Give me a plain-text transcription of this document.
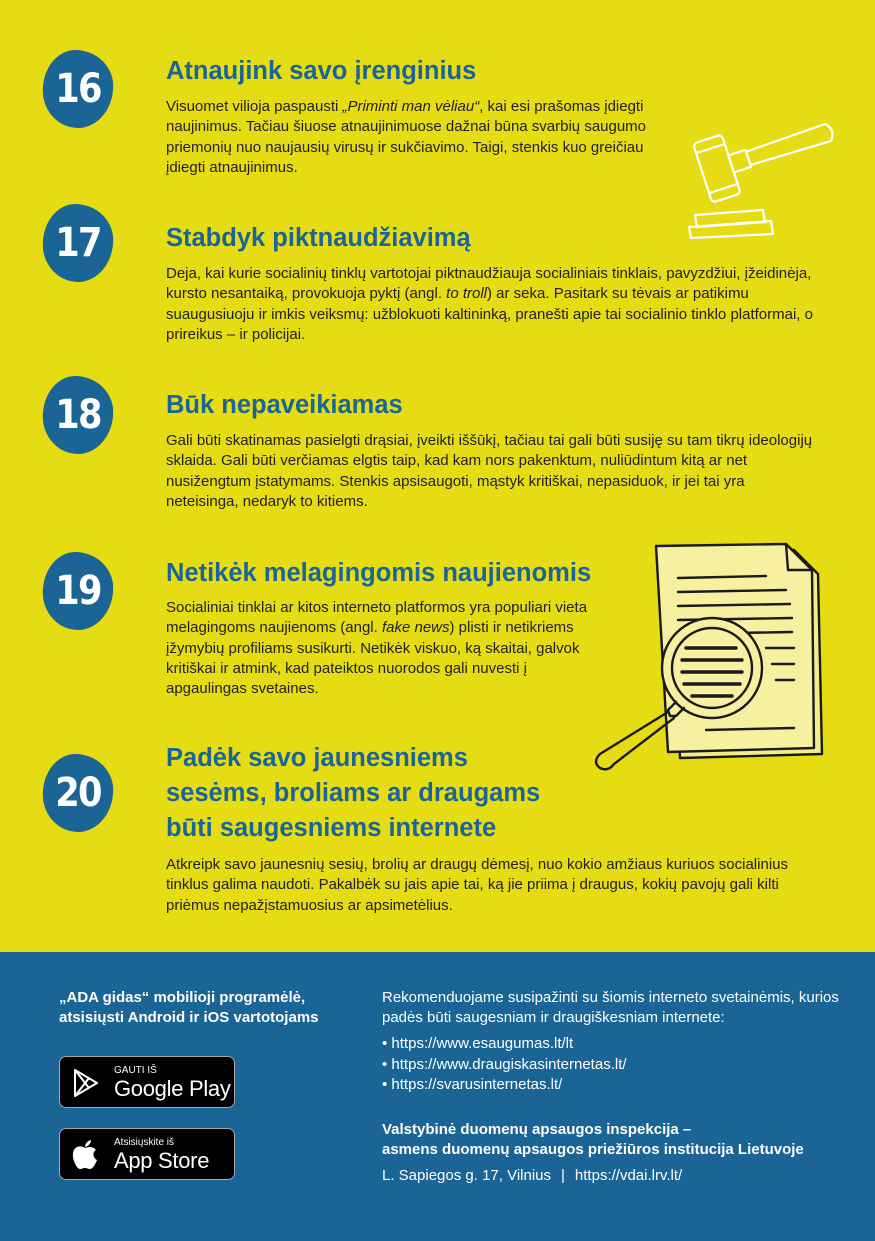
16	Atnaujink savo įrenginius

Visuomet vilioja paspausti „Priminti man vėliau“, kai esi prašomas įdiegti naujinimus. Tačiau šiuose atnaujinimuose dažnai būna svarbių saugumo priemonių nuo naujausių virusų ir sukčiavimo. Taigi, stenkis kuo greičiau įdiegti atnaujinimus.

17	Stabdyk piktnaudžiavimą

Deja, kai kurie socialinių tinklų vartotojai piktnaudžiauja socialiniais tinklais, pavyzdžiui, įžeidinėja, kursto nesantaiką, provokuoja pyktį (angl. to troll) ar seka. Pasitark su tėvais ar patikimu suaugusiuoju ir imkis veiksmų: užblokuoti kaltininką, pranešti apie tai socialinio tinklo platformai, o prireikus – ir policijai.

18	Būk nepaveikiamas

Gali būti skatinamas pasielgti drąsiai, įveikti iššūkį, tačiau tai gali būti susiję su tam tikrų ideologijų sklaida. Gali būti verčiamas elgtis taip, kad kam nors pakenktum, nuliūdintum kitą ar net nusižengtum įstatymams. Stenkis apsisaugoti, mąstyk kritiškai, nepasiduok, ir jei tai yra neteisinga, nedaryk to kitiems.

19	Netikėk melagingomis naujienomis

Socialiniai tinklai ar kitos interneto platformos yra populiari vieta melagingoms naujienoms (angl. fake news) plisti ir netikriems įžymybių profiliams susikurti. Netikėk viskuo, ką skaitai, galvok kritiškai ir atmink, kad pateiktos nuorodos gali nuvesti į apgaulingas svetaines.

20
Padėk savo jaunesniems
sesėms, broliams ar draugams
būti saugesniems internete

Atkreipk savo jaunesnių sesių, brolių ar draugų dėmesį, nuo kokio amžiaus kuriuos socialinius tinklus galima naudoti. Pakalbėk su jais apie tai, ką jie priima į draugus, kokių pavojų gali kilti priėmus nepažįstamuosius ar apsimetėlius.

„ADA gidas“ mobilioji programėlė,
atsisiųsti Android ir iOS vartotojams

GAUTI IŠ
Google Play
Atsisiųskite iš
App Store

Rekomenduojame susipažinti su šiomis interneto svetainėmis, kurios padės būti saugesniam ir draugiškesniam internete:

• https://www.esaugumas.lt/lt
• https://www.draugiskasinternetas.lt/
• https://svarusinternetas.lt/

Valstybinė duomenų apsaugos inspekcija –
asmens duomenų apsaugos priežiūros institucija Lietuvoje

L. Sapiegos g. 17, Vilnius | https://vdai.lrv.lt/
